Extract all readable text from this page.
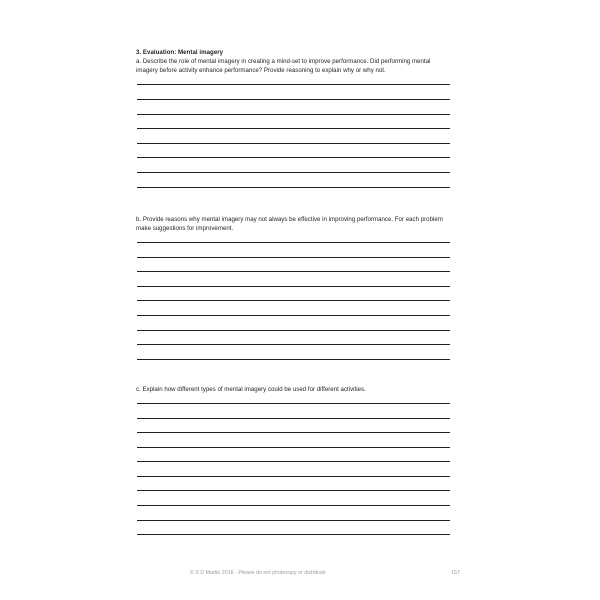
3. Evaluation: Mental imagery

a. Describe the role of mental imagery in creating a mind-set to improve performance. Did performing mental imagery before activity enhance performance? Provide reasoning to explain why or why not.

b. Provide reasons why mental imagery may not always be effective in improving performance. For each problem make suggestions for improvement.

c. Explain how different types of mental imagery could be used for different activities.

© S D Martin 2016 - Please do not photocopy or distribute	157
